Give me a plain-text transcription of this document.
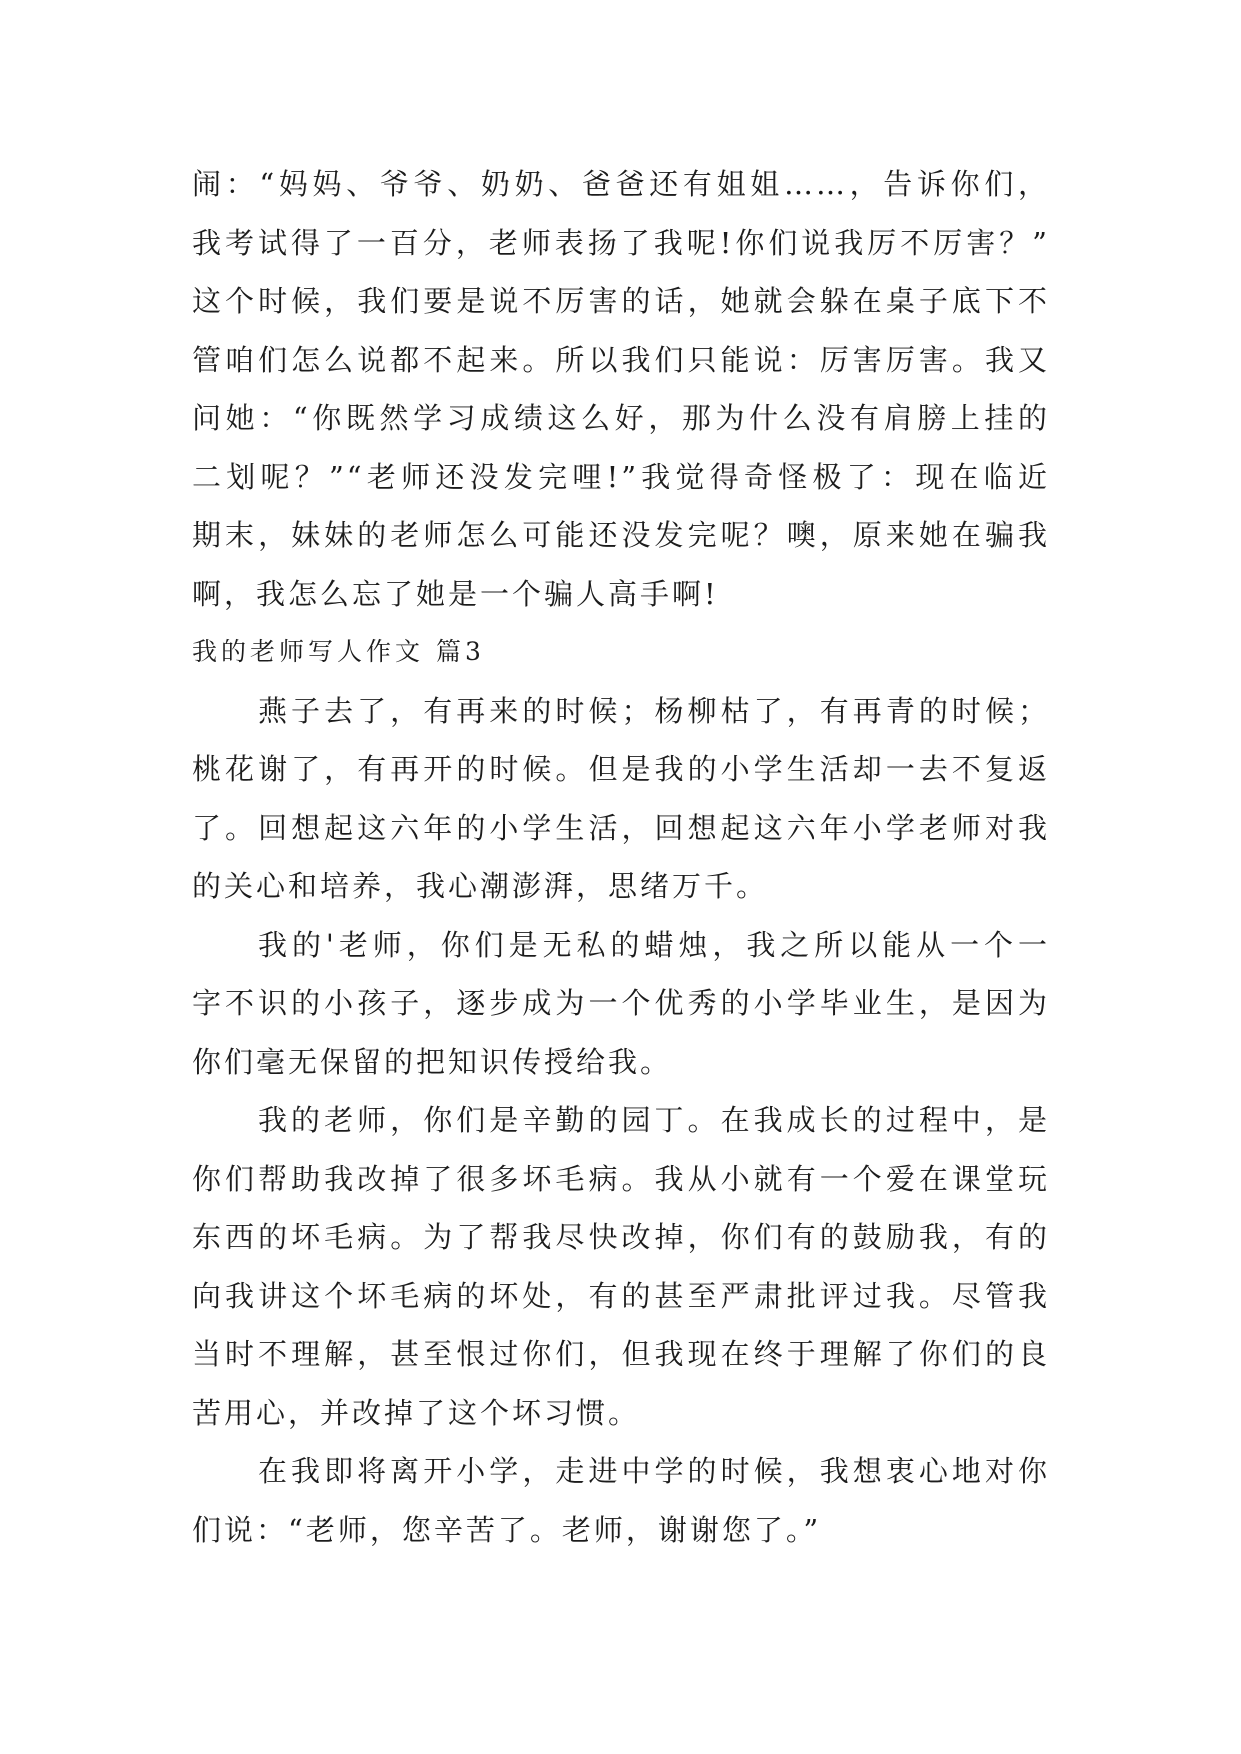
闹：“妈妈、爷爷、奶奶、爸爸还有姐姐……，告诉你们，
我考试得了一百分，老师表扬了我呢!你们说我厉不厉害？”
这个时候，我们要是说不厉害的话，她就会躲在桌子底下不
管咱们怎么说都不起来。所以我们只能说：厉害厉害。我又
问她：“你既然学习成绩这么好，那为什么没有肩膀上挂的
二划呢？”“老师还没发完哩!”我觉得奇怪极了：现在临近
期末，妹妹的老师怎么可能还没发完呢？噢，原来她在骗我
啊，我怎么忘了她是一个骗人高手啊!
我的老师写人作文 篇3
燕子去了，有再来的时候；杨柳枯了，有再青的时候；
桃花谢了，有再开的时候。但是我的小学生活却一去不复返
了。回想起这六年的小学生活，回想起这六年小学老师对我
的关心和培养，我心潮澎湃，思绪万千。
我的'老师，你们是无私的蜡烛，我之所以能从一个一
字不识的小孩子，逐步成为一个优秀的小学毕业生，是因为
你们毫无保留的把知识传授给我。
我的老师，你们是辛勤的园丁。在我成长的过程中，是
你们帮助我改掉了很多坏毛病。我从小就有一个爱在课堂玩
东西的坏毛病。为了帮我尽快改掉，你们有的鼓励我，有的
向我讲这个坏毛病的坏处，有的甚至严肃批评过我。尽管我
当时不理解，甚至恨过你们，但我现在终于理解了你们的良
苦用心，并改掉了这个坏习惯。
在我即将离开小学，走进中学的时候，我想衷心地对你
们说：“老师，您辛苦了。老师，谢谢您了。”
